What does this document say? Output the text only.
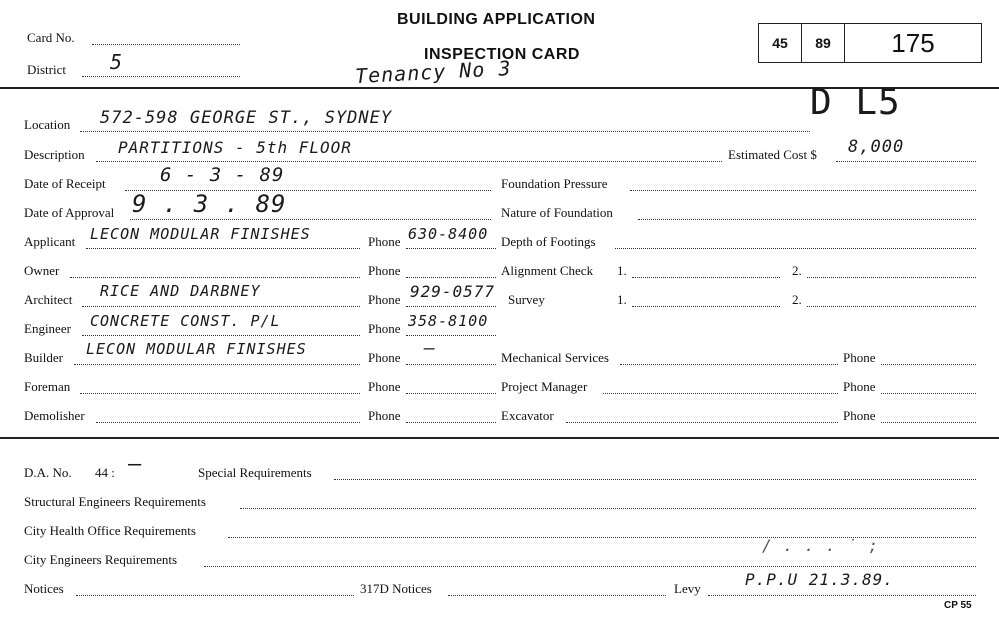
Card No.
District 5
BUILDING APPLICATION
INSPECTION CARD
Tenancy No 3
45	89	175
D L5
Location 572-598 GEORGE ST., SYDNEY
Description PARTITIONS - 5th FLOOR	Estimated Cost $ 8,000
Date of Receipt	6 - 3 - 89	Foundation Pressure
Date of Approval 9 . 3 . 89	Nature of Foundation
Applicant LECON MODULAR FINISHES	Phone 630-8400 Depth of Footings
Owner	Phone	Alignment Check 1.	2.
Architect RICE AND DARBNEY	Phone 929-0577 Survey	1.	2.
Engineer CONCRETE CONST. P/L	Phone 358-8100
Builder LECON MODULAR FINISHES	Phone –	Mechanical Services	Phone
Foreman	Phone	Project Manager	Phone
Demolisher	Phone	Excavator	Phone
D.A. No. 44 : —	Special Requirements
Structural Engineers Requirements
City Health Office Requirements
City Engineers Requirements
/ . . . ˙ ;
Notices	317D Notices	Levy	P.P.U 21.3.89.
CP 55
